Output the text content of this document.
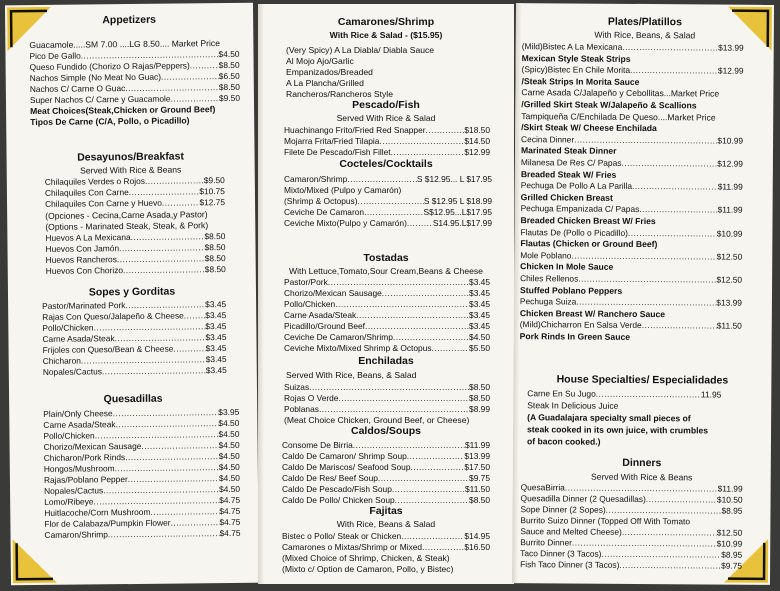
Appetizers
Guacamole.....SM 7.00 ....LG 8.50.... Market Price
Pico De Gallo .....	$4.50
Queso Fundido (Chorizo O Rajas/Peppers) .....	$8.50
Nachos Simple (No Meat No Guac) .....	$6.50
Nachos C/ Carne O Guac .....	$8.50
Super Nachos C/ Carne y Guacamole .....	$9.50
Meat Choices(Steak,Chicken or Ground Beef)
Tipos De Carne (C/A, Pollo, o Picadillo)
Desayunos/Breakfast
Served With Rice & Beans
Chilaquiles Verdes o Rojos .....	$9.50
Chilaquiles Con Carne .....	$10.75
Chilaquiles Con Carne y Huevo .....	$12.75
(Opciones - Cecina,Carne Asada,y Pastor)
(Options - Marinated Steak, Steak, & Pork)
Huevos A La Mexicana .....	$8.50
Huevos Con Jamón .....	$8.50
Huevos Rancheros .....	$8.50
Huevos Con Chorizo .....	$8.50
Sopes y Gorditas
Pastor/Marinated Pork .....	$3.45
Rajas Con Queso/Jalapeño & Cheese .....	$3.45
Pollo/Chicken .....	$3.45
Carne Asada/Steak .....	$3.45
Frijoles con Queso/Bean & Cheese .....	$3.45
Chicharon .....	$3.45
Nopales/Cactus .....	$3.45
Quesadillas
Plain/Only Cheese .....	$3.95
Carne Asada/Steak .....	$4.50
Pollo/Chicken .....	$4.50
Chorizo/Mexican Sausage .....	$4.50
Chicharon/Pork Rinds .....	$4.50
Hongos/Mushroom .....	$4.50
Rajas/Poblano Pepper .....	$4.50
Nopales/Cactus .....	$4.50
Lomo/Ribeye .....	$4.75
Huitlacoche/Corn Mushroom .....	$4.75
Flor de Calabaza/Pumpkin Flower .....	$4.75
Camaron/Shrimp .....	$4.75
Camarones/Shrimp
With Rice & Salad - ($15.95)
(Very Spicy) A La Diabla/ Diabla Sauce
Al Mojo Ajo/Garlic
Empanizados/Breaded
A La Plancha/Grilled
Rancheros/Rancheros Style
Pescado/Fish
Served With Rice & Salad
Huachinango Frito/Fried Red Snapper .....	$18.50
Mojarra Frita/Fried Tilapia .....	$14.50
Filete De Pescado/Fish Fillet .....	$12.99
Cocteles/Cocktails
Camaron/Shrimp .....	S $12.95... L $17.95
Mixto/Mixed (Pulpo y Camarón)
(Shrimp & Octopus) .....	S $12.95 L $18.99
Ceviche De Camaron .....	S$12.95...L$17.95
Ceviche Mixto(Pulpo y Camarón) .....	S14.95.L$17.99
Tostadas
With Lettuce,Tomato,Sour Cream,Beans & Cheese
Pastor/Pork .....	$3.45
Chorizo/Mexican Sausage .....	$3.45
Pollo/Chicken .....	$3.45
Carne Asada/Steak .....	$3.45
Picadillo/Ground Beef .....	$3.45
Ceviche De Camaron/Shrimp .....	$4.50
Ceviche Mixto/Mixed Shrimp & Octopus .....	$5.50
Enchiladas
Served With Rice, Beans, & Salad
Suizas .....	$8.50
Rojas O Verde .....	$8.50
Poblanas .....	$8.99
(Meat Choice Chicken, Ground Beef, or Cheese)
Caldos/Soups
Consome De Birria .....	$11.99
Caldo De Camaron/ Shrimp Soup .....	$13.99
Caldo De Mariscos/ Seafood Soup .....	$17.50
Caldo De Res/ Beef Soup .....	$9.75
Caldo De Pescado/Fish Soup .....	$11.50
Caldo De Pollo/ Chicken Soup .....	$8.50
Fajitas
With Rice, Beans & Salad
Bistec o Pollo/ Steak or Chicken .....	$14.95
Camarones o Mixtas/Shrimp or Mixed .....	$16.50
(Mixed Choice of Shrimp, Chicken, & Steak)
(Mixto c/ Option de Camaron, Pollo, y Bistec)
Plates/Platillos
With Rice, Beans, & Salad
(Mild)Bistec A La Mexicana .....	$13.99
Mexican Style Steak Strips
(Spicy)Bistec En Chile Morita .....	$12.99
/Steak Strips In Morita Sauce
Carne Asada C/Jalapeño y Cebollitas...Market Price
/Grilled Skirt Steak W/Jalapeño & Scallions
Tampiqueña C/Enchilada De Queso....Market Price
/Skirt Steak W/ Cheese Enchilada
Cecina Dinner .....	$10.99
Marinated Steak Dinner
Milanesa De Res C/ Papas .....	$12.99
Breaded Steak W/ Fries
Pechuga De Pollo A La Parilla .....	$11.99
Grilled Chicken Breast
Pechuga Empanizada C/ Papas .....	$11.99
Breaded Chicken Breast W/ Fries
Flautas De (Pollo o Picadillo) .....	$10.99
Flautas (Chicken or Ground Beef)
Mole Poblano .....	$12.50
Chicken In Mole Sauce
Chiles Rellenos .....	$12.50
Stuffed Poblano Peppers
Pechuga Suiza .....	$13.99
Chicken Breast W/ Ranchero Sauce
(Mild)Chicharron En Salsa Verde .....	$11.50
Pork Rinds In Green Sauce
House Specialties/ Especialidades
Carne En Su Jugo .....	11.95
Steak In Delicious Juice
(A Guadalajara specialty small pieces of
steak cooked in its own juice, with crumbles
of bacon cooked.)
Dinners
Served With Rice & Beans
QuesaBirria .....	$11.99
Quesadilla Dinner (2 Quesadillas) .....	$10.50
Sope Dinner (2 Sopes) .....	$8.95
Burrito Suizo Dinner (Topped Off With Tomato
Sauce and Melted Cheese) .....	$12.50
Burrito Dinner .....	$10.99
Taco Dinner (3 Tacos) .....	$8.95
Fish Taco Dinner (3 Tacos) .....	$9.75
